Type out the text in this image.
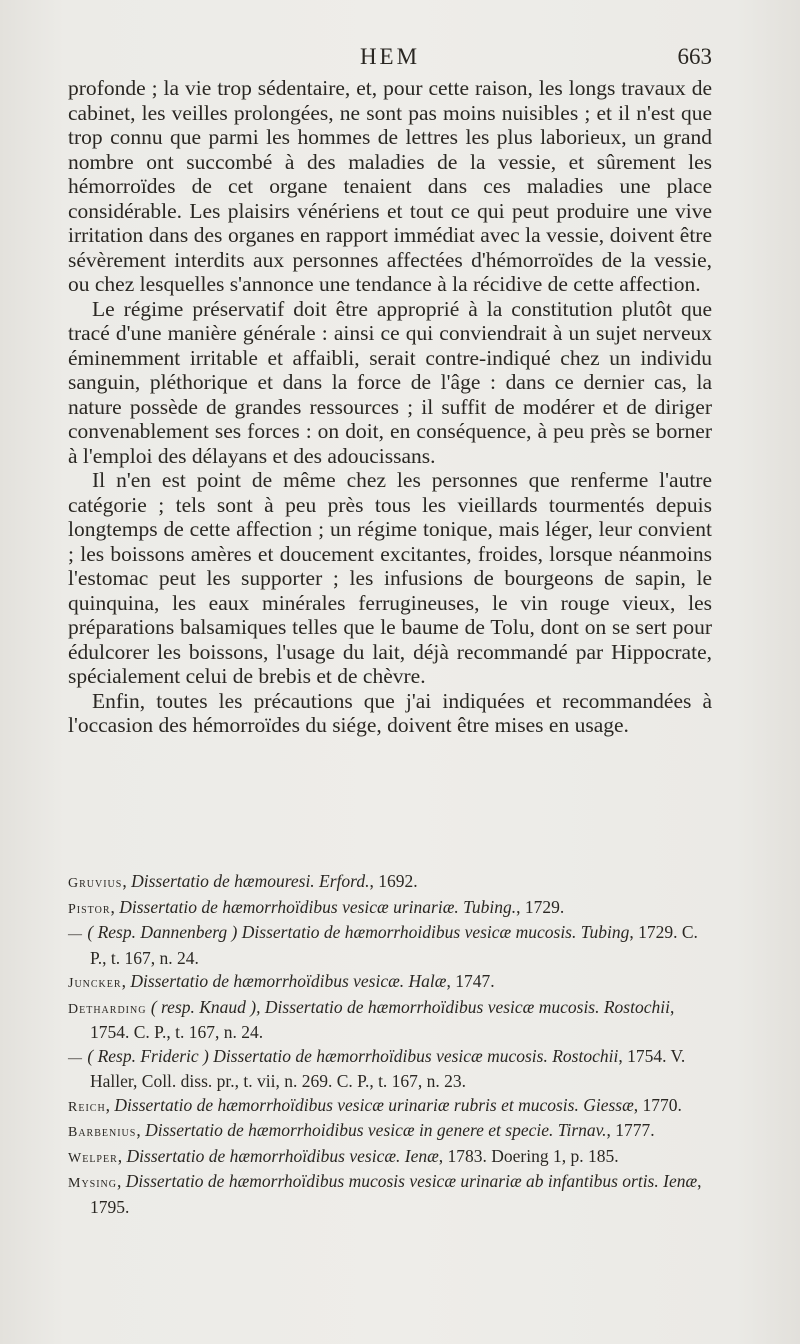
HEM	663

profonde ; la vie trop sédentaire, et, pour cette raison, les longs travaux de cabinet, les veilles prolongées, ne sont pas moins nuisibles ; et il n'est que trop connu que parmi les hommes de lettres les plus laborieux, un grand nombre ont succombé à des maladies de la vessie, et sûrement les hémorroïdes de cet organe tenaient dans ces maladies une place considérable. Les plaisirs vénériens et tout ce qui peut produire une vive irritation dans des organes en rapport immédiat avec la vessie, doivent être sévèrement interdits aux personnes affectées d'hémorroïdes de la vessie, ou chez lesquelles s'annonce une tendance à la récidive de cette affection.

Le régime préservatif doit être approprié à la constitution plutôt que tracé d'une manière générale : ainsi ce qui conviendrait à un sujet nerveux éminemment irritable et affaibli, serait contre-indiqué chez un individu sanguin, pléthorique et dans la force de l'âge : dans ce dernier cas, la nature possède de grandes ressources ; il suffit de modérer et de diriger convenablement ses forces : on doit, en conséquence, à peu près se borner à l'emploi des délayans et des adoucissans.

Il n'en est point de même chez les personnes que renferme l'autre catégorie ; tels sont à peu près tous les vieillards tourmentés depuis longtemps de cette affection ; un régime tonique, mais léger, leur convient ; les boissons amères et doucement excitantes, froides, lorsque néanmoins l'estomac peut les supporter ; les infusions de bourgeons de sapin, le quinquina, les eaux minérales ferrugineuses, le vin rouge vieux, les préparations balsamiques telles que le baume de Tolu, dont on se sert pour édulcorer les boissons, l'usage du lait, déjà recommandé par Hippocrate, spécialement celui de brebis et de chèvre.

Enfin, toutes les précautions que j'ai indiquées et recommandées à l'occasion des hémorroïdes du siége, doivent être mises en usage.

Gruvius, Dissertatio de hæmouresi. Erford., 1692.

Pistor, Dissertatio de hæmorrhoïdibus vesicæ urinariæ. Tubing., 1729.

— ( Resp. Dannenberg ) Dissertatio de hæmorrhoidibus vesicæ mucosis. Tubing, 1729. C. P., t. 167, n. 24.

Juncker, Dissertatio de hæmorrhoïdibus vesicæ. Halæ, 1747.

Detharding ( resp. Knaud ), Dissertatio de hæmorrhoïdibus vesicæ mucosis. Rostochii, 1754. C. P., t. 167, n. 24.

— ( Resp. Frideric ) Dissertatio de hæmorrhoïdibus vesicæ mucosis. Rostochii, 1754. V. Haller, Coll. diss. pr., t. vii, n. 269. C. P., t. 167, n. 23.

Reich, Dissertatio de hæmorrhoïdibus vesicæ urinariæ rubris et mucosis. Giessæ, 1770.

Barbenius, Dissertatio de hæmorrhoidibus vesicæ in genere et specie. Tirnav., 1777.

Welper, Dissertatio de hæmorrhoïdibus vesicæ. Ienæ, 1783. Doering 1, p. 185.

Mysing, Dissertatio de hæmorrhoïdibus mucosis vesicæ urinariæ ab infantibus ortis. Ienæ, 1795.
